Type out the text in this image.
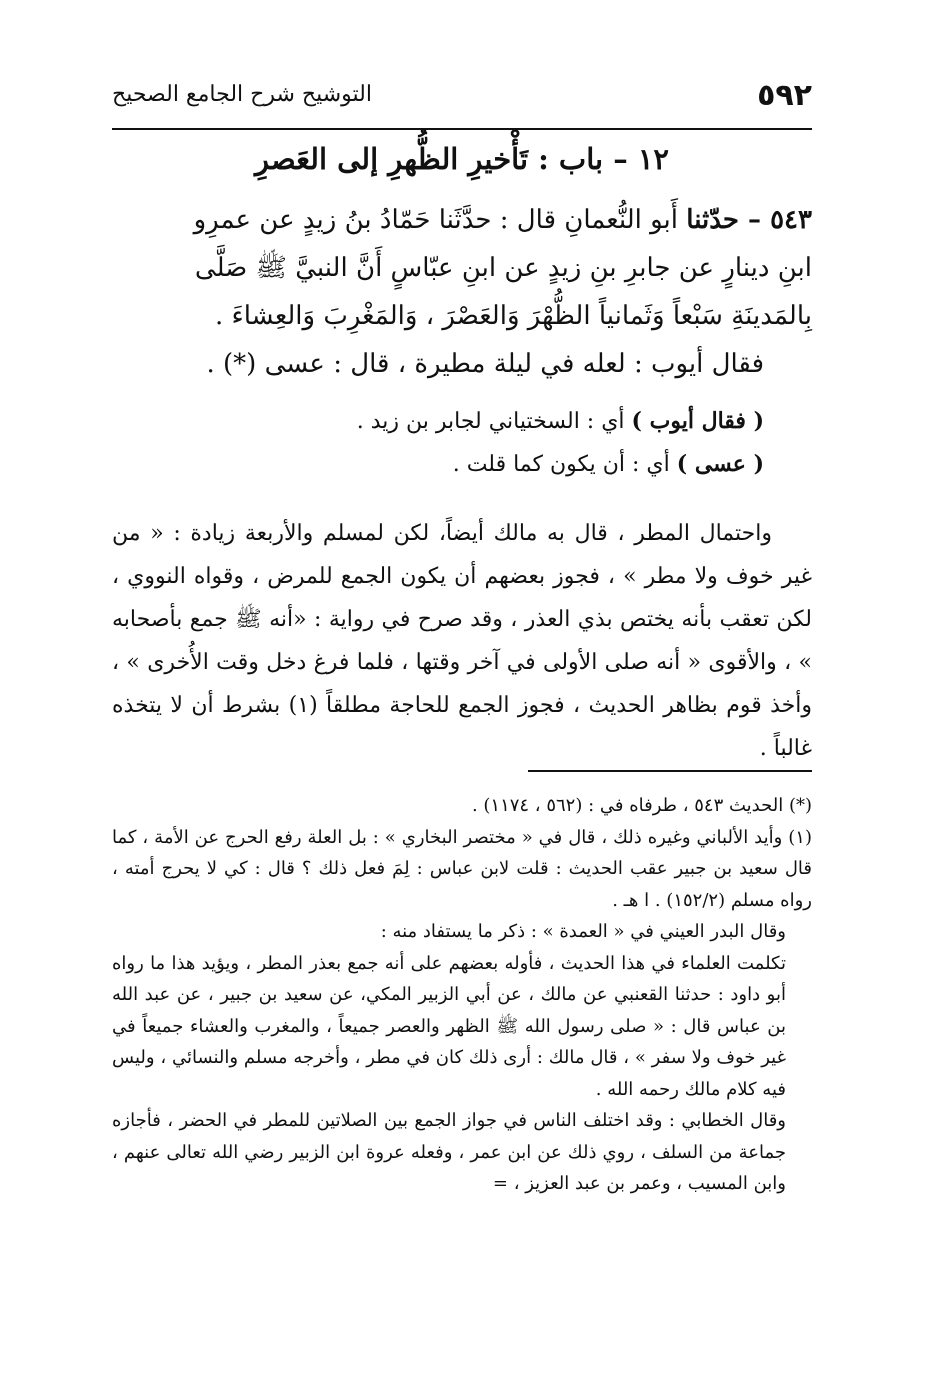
٥٩٢
التوشيح شرح الجامع الصحيح
١٢ – باب : تَأْخيرِ الظُّهرِ إلى العَصرِ

٥٤٣ – حدّثنا أَبو النُّعمانِ قال : حدَّثَنا حَمّادُ بنُ زيدٍ عن عمرِو

ابنِ دينارٍ عن جابرِ بنِ زيدٍ عن ابنِ عبّاسٍ أَنَّ النبيَّ ﷺ صَلَّى

بِالمَدينَةِ سَبْعاً وَثَمانياً الظُّهْرَ وَالعَصْرَ ، وَالمَغْرِبَ وَالعِشاءَ .

فقال أيوب : لعله في ليلة مطيرة ، قال : عسى (*) .

( فقال أيوب ) أي : السختياني لجابر بن زيد .

( عسى ) أي : أن يكون كما قلت .

واحتمال المطر ، قال به مالك أيضاً، لكن لمسلم والأربعة زيادة : « من غير خوف ولا مطر » ، فجوز بعضهم أن يكون الجمع للمرض ، وقواه النووي ، لكن تعقب بأنه يختص بذي العذر ، وقد صرح في رواية : «أنه ﷺ جمع بأصحابه » ، والأقوى « أنه صلى الأولى في آخر وقتها ، فلما فرغ دخل وقت الأُخرى » ، وأخذ قوم بظاهر الحديث ، فجوز الجمع للحاجة مطلقاً (١) بشرط أن لا يتخذه غالباً .

(*) الحديث ٥٤٣ ، طرفاه في : (٥٦٢ ، ١١٧٤) .

(١) وأيد الألباني وغيره ذلك ، قال في « مختصر البخاري » : بل العلة رفع الحرج عن الأمة ، كما قال سعيد بن جبير عقب الحديث : قلت لابن عباس : لِمَ فعل ذلك ؟ قال : كي لا يحرج أمته ، رواه مسلم (١٥٢/٢) . ا هـ .

وقال البدر العيني في « العمدة » : ذكر ما يستفاد منه :

تكلمت العلماء في هذا الحديث ، فأوله بعضهم على أنه جمع بعذر المطر ، ويؤيد هذا ما رواه أبو داود : حدثنا القعنبي عن مالك ، عن أبي الزبير المكي، عن سعيد بن جبير ، عن عبد الله بن عباس قال : « صلى رسول الله ﷺ الظهر والعصر جميعاً ، والمغرب والعشاء جميعاً في غير خوف ولا سفر » ، قال مالك : أرى ذلك كان في مطر ، وأخرجه مسلم والنسائي ، وليس فيه كلام مالك رحمه الله .

وقال الخطابي : وقد اختلف الناس في جواز الجمع بين الصلاتين للمطر في الحضر ، فأجازه جماعة من السلف ، روي ذلك عن ابن عمر ، وفعله عروة ابن الزبير رضي الله تعالى عنهم ، وابن المسيب ، وعمر بن عبد العزيز ، =
